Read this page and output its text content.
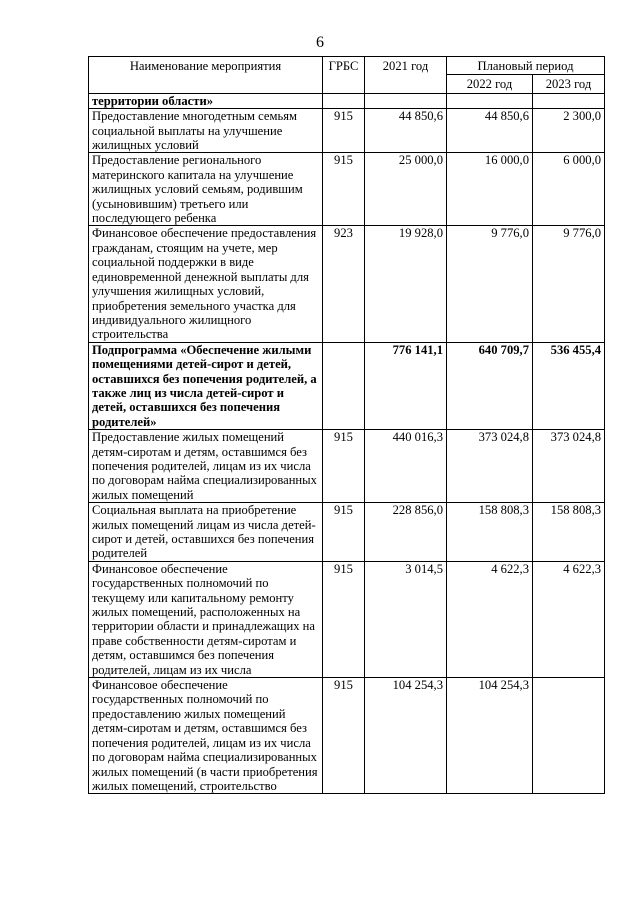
6
Наименование мероприятия	ГРБС	2021 год	Плановый период	
			2022 год	2023 год
территории области»				
Предоставление многодетным семьям социальной выплаты на улучшение жилищных условий	915	44 850,6	44 850,6	2 300,0
Предоставление регионального материнского капитала на улучшение жилищных условий семьям, родившим (усыновившим) третьего или последующего ребенка	915	25 000,0	16 000,0	6 000,0
Финансовое обеспечение предоставления гражданам, стоящим на учете, мер социальной поддержки в виде единовременной денежной выплаты для улучшения жилищных условий, приобретения земельного участка для индивидуального жилищного строительства	923	19 928,0	9 776,0	9 776,0
Подпрограмма «Обеспечение жилыми помещениями детей-сирот и детей, оставшихся без попечения родителей, а также лиц из числа детей-сирот и детей, оставшихся без попечения родителей»		776 141,1	640 709,7	536 455,4
Предоставление жилых помещений детям-сиротам и детям, оставшимся без попечения родителей, лицам из их числа по договорам найма специализированных жилых помещений	915	440 016,3	373 024,8	373 024,8
Социальная выплата на приобретение жилых помещений лицам из числа детей-сирот и детей, оставшихся без попечения родителей	915	228 856,0	158 808,3	158 808,3
Финансовое обеспечение государственных полномочий по текущему или капитальному ремонту жилых помещений, расположенных на территории области и принадлежащих на праве собственности детям-сиротам и детям, оставшимся без попечения родителей, лицам из их числа	915	3 014,5	4 622,3	4 622,3
Финансовое обеспечение государственных полномочий по предоставлению жилых помещений детям-сиротам и детям, оставшимся без попечения родителей, лицам из их числа по договорам найма специализированных жилых помещений (в части приобретения жилых помещений, строительство	915	104 254,3	104 254,3	
